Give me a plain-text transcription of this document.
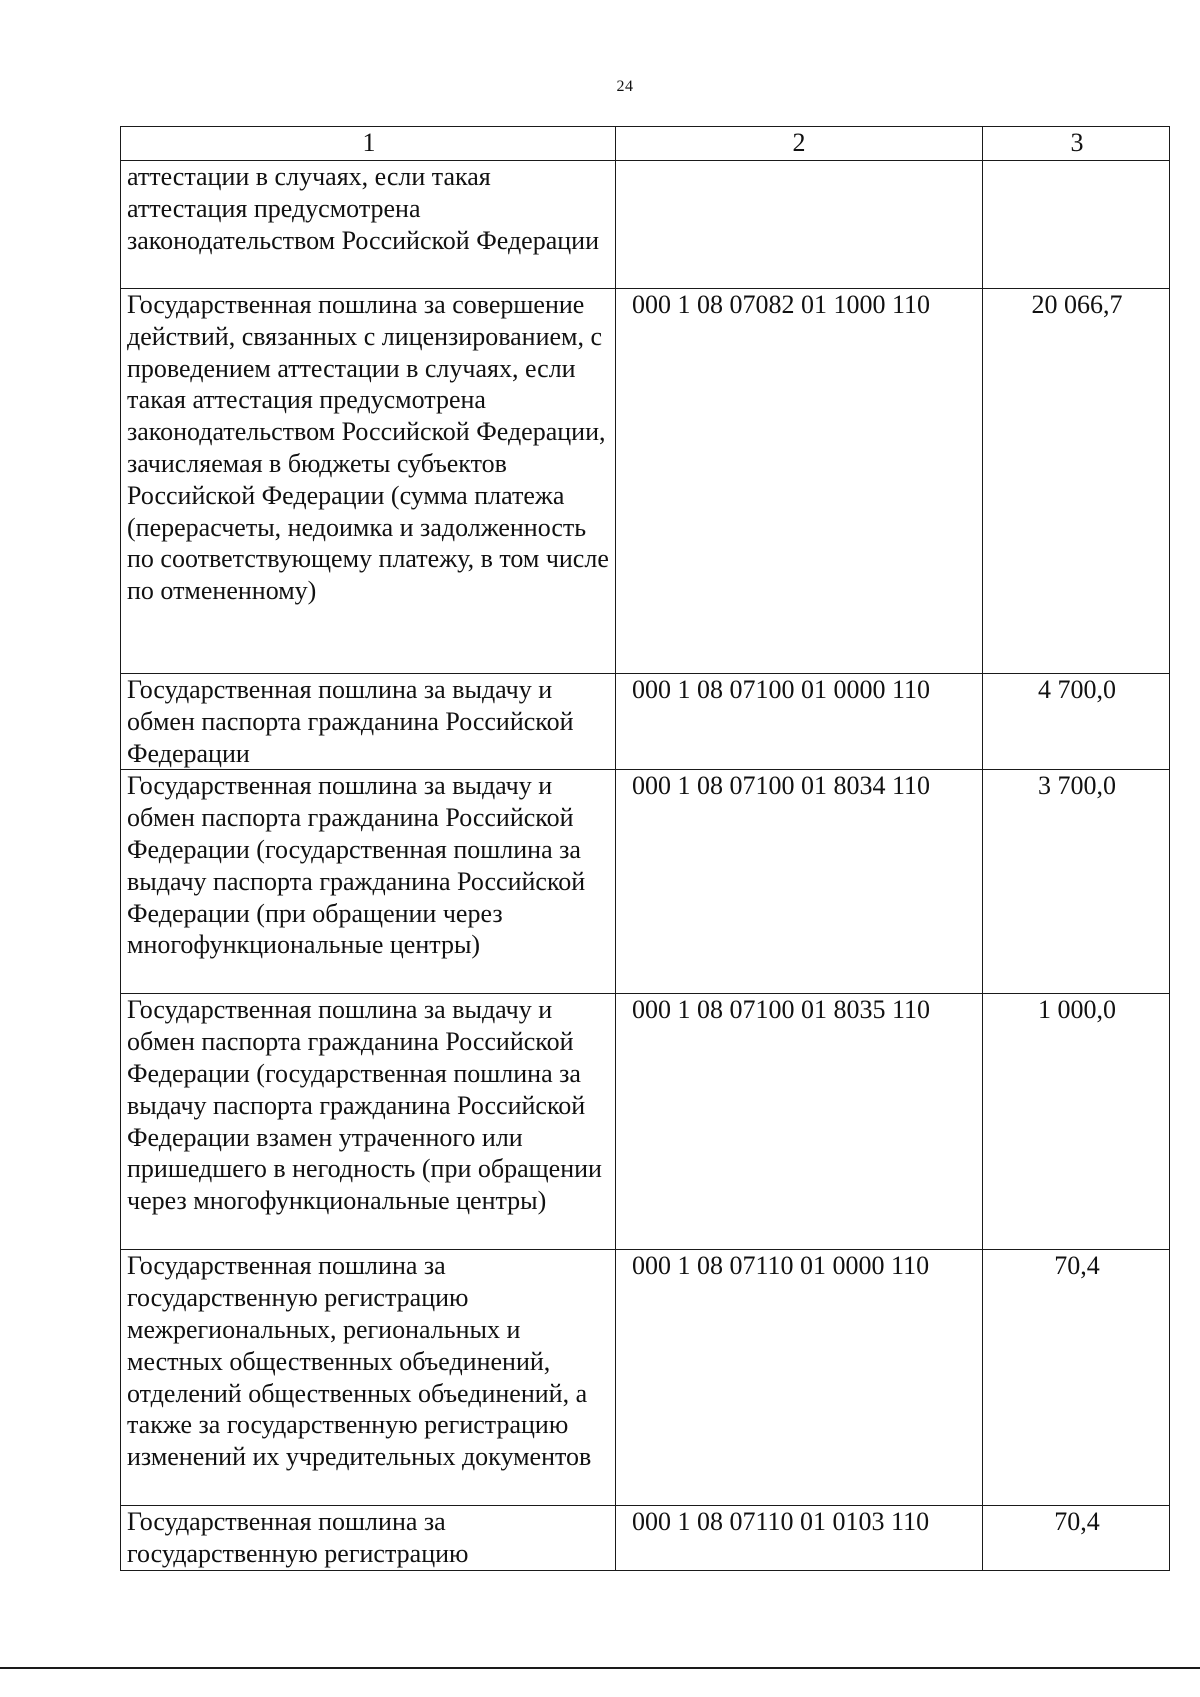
24
1	2	3
аттестации в случаях, если такая аттестация предусмотрена законодательством Российской Федерации		
Государственная пошлина за совершение действий, связанных с лицензированием, с проведением аттестации в случаях, если такая аттестация предусмотрена законодательством Российской Федерации, зачисляемая в бюджеты субъектов Российской Федерации (сумма платежа (перерасчеты, недоимка и задолженность по соответствующему платежу, в том числе по отмененному)	000 1 08 07082 01 1000 110	20 066,7
Государственная пошлина за выдачу и обмен паспорта гражданина Российской Федерации	000 1 08 07100 01 0000 110	4 700,0
Государственная пошлина за выдачу и обмен паспорта гражданина Российской Федерации (государственная пошлина за выдачу паспорта гражданина Российской Федерации (при обращении через многофункциональные центры)	000 1 08 07100 01 8034 110	3 700,0
Государственная пошлина за выдачу и обмен паспорта гражданина Российской Федерации (государственная пошлина за выдачу паспорта гражданина Российской Федерации взамен утраченного или пришедшего в негодность (при обращении через многофункциональные центры)	000 1 08 07100 01 8035 110	1 000,0
Государственная пошлина за государственную регистрацию межрегиональных, региональных и местных общественных объединений, отделений общественных объединений, а также за государственную регистрацию изменений их учредительных документов	000 1 08 07110 01 0000 110	70,4
Государственная пошлина за государственную регистрацию	000 1 08 07110 01 0103 110	70,4
